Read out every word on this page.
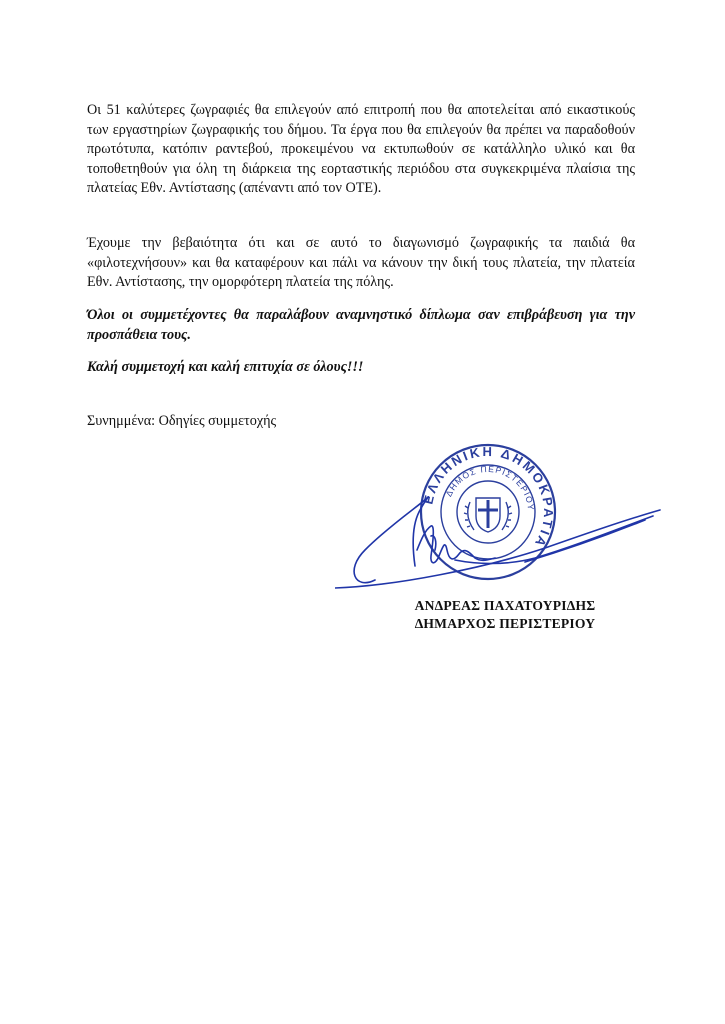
Οι 51 καλύτερες ζωγραφιές θα επιλεγούν από επιτροπή που θα αποτελείται από εικαστικούς των εργαστηρίων ζωγραφικής του δήμου. Τα έργα που θα επιλεγούν θα πρέπει να παραδοθούν πρωτότυπα, κατόπιν ραντεβού, προκειμένου να εκτυπωθούν σε κατάλληλο υλικό και θα τοποθετηθούν για όλη τη διάρκεια της εορταστικής περιόδου στα συγκεκριμένα πλαίσια της πλατείας Εθν. Αντίστασης (απέναντι από τον ΟΤΕ).

Έχουμε την βεβαιότητα ότι και σε αυτό το διαγωνισμό ζωγραφικής τα παιδιά θα «φιλοτεχνήσουν» και θα καταφέρουν και πάλι να κάνουν την δική τους πλατεία, την πλατεία Εθν. Αντίστασης, την ομορφότερη πλατεία της πόλης.

Όλοι οι συμμετέχοντες θα παραλάβουν αναμνηστικό δίπλωμα σαν επιβράβευση για την προσπάθεια τους.

Καλή συμμετοχή και καλή επιτυχία σε όλους!!!

Συνημμένα: Οδηγίες συμμετοχής
ΕΛΛΗΝΙΚΗ ΔΗΜΟΚΡΑΤΙΑ
ΔΗΜΟΣ ΠΕΡΙΣΤΕΡΙΟΥ
ΑΝΔΡΕΑΣ ΠΑΧΑΤΟΥΡΙΔΗΣ
ΔΗΜΑΡΧΟΣ ΠΕΡΙΣΤΕΡΙΟΥ
